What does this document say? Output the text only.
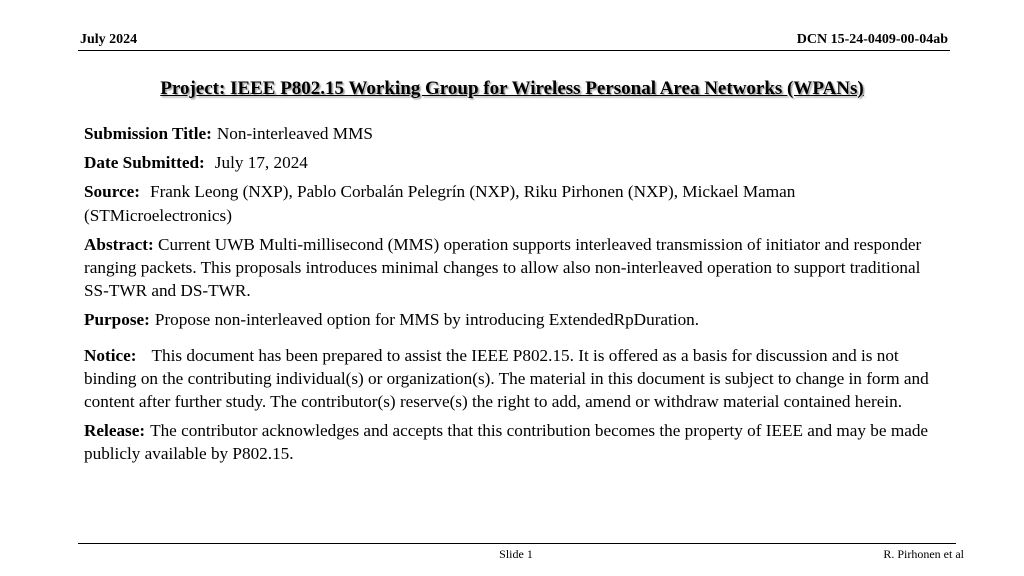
July 2024	DCN 15-24-0409-00-04ab
Project: IEEE P802.15 Working Group for Wireless Personal Area Networks (WPANs)

Submission Title: Non-interleaved MMS

Date Submitted: July 17, 2024

Source: Frank Leong (NXP), Pablo Corbalán Pelegrín (NXP), Riku Pirhonen (NXP), Mickael Maman (STMicroelectronics)

Abstract: Current UWB Multi-millisecond (MMS) operation supports interleaved transmission of initiator and responder ranging packets. This proposals introduces minimal changes to allow also non-interleaved operation to support traditional SS-TWR and DS-TWR.

Purpose: Propose non-interleaved option for MMS by introducing ExtendedRpDuration.

Notice: This document has been prepared to assist the IEEE P802.15. It is offered as a basis for discussion and is not binding on the contributing individual(s) or organization(s). The material in this document is subject to change in form and content after further study. The contributor(s) reserve(s) the right to add, amend or withdraw material contained herein.

Release: The contributor acknowledges and accepts that this contribution becomes the property of IEEE and may be made publicly available by P802.15.

Slide 1	R. Pirhonen et al
